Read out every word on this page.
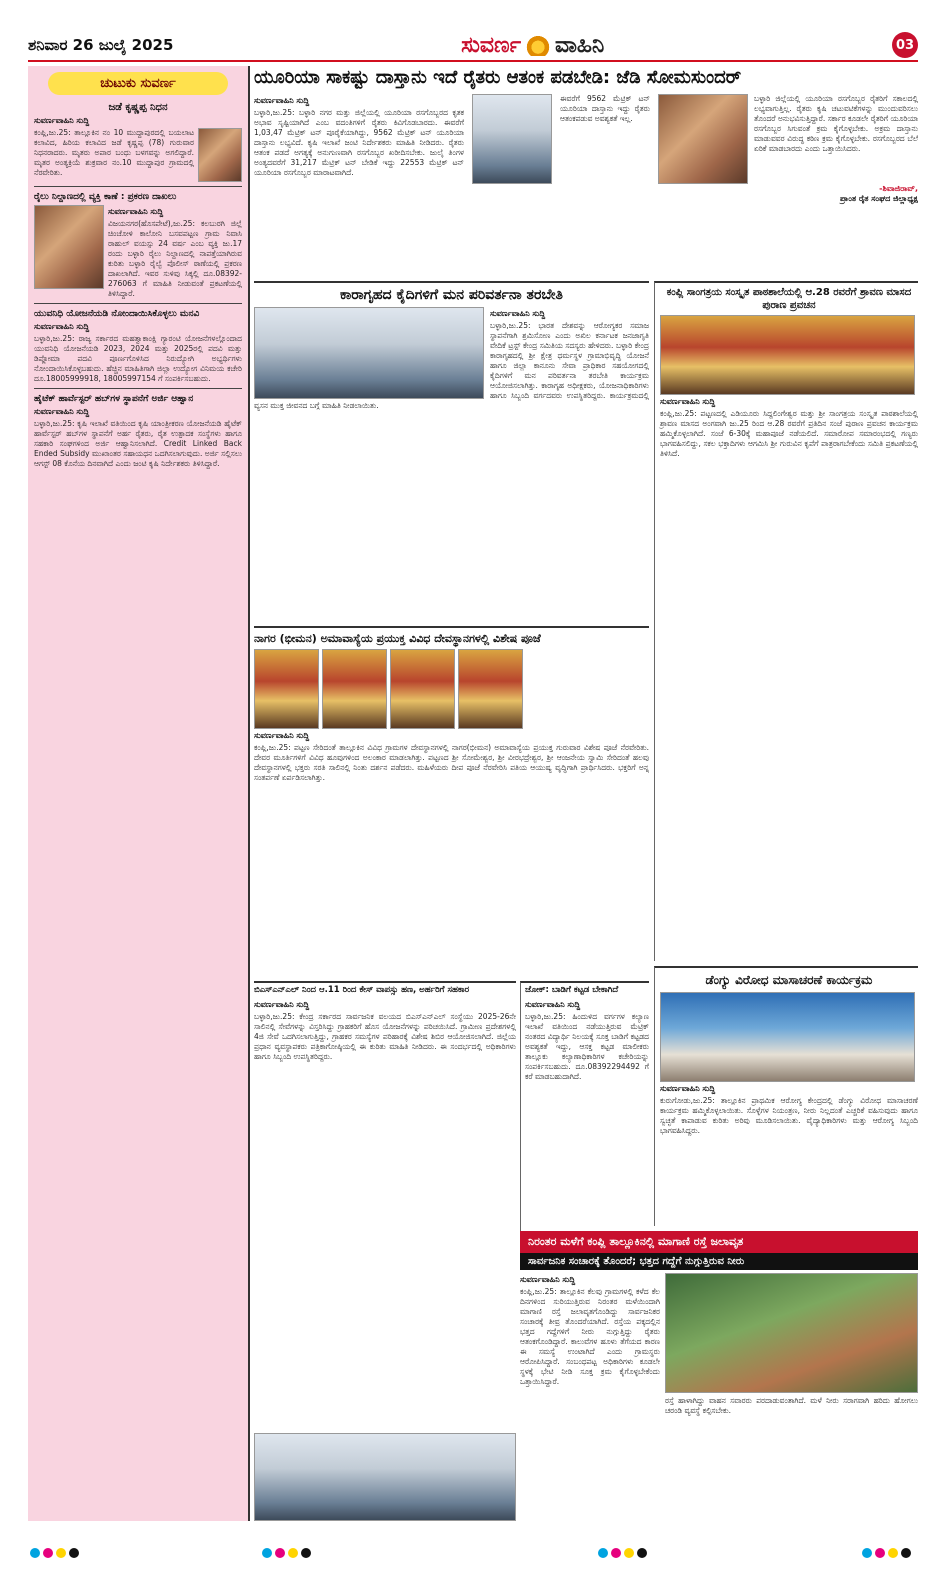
ಶನಿವಾರ 26 ಜುಲೈ 2025	ಸುವರ್ಣ ವಾಹಿನಿ	03
ಚುಟುಕು ಸುವರ್ಣ
ಜಡೆ ಕೃಷ್ಣಪ್ಪ ನಿಧನ
ಸುವರ್ಣವಾಹಿನಿ ಸುದ್ದಿ
ಕಂಪ್ಲಿ,ಜು.25: ತಾಲ್ಲೂಕಿನ ನಂ 10 ಮುದ್ದಾಪುರದಲ್ಲಿ ಬಯಲಾಟ ಕಲಾವಿದ, ಹಿರಿಯ ಕಲಾವಿದ ಜಡೆ ಕೃಷ್ಣಪ್ಪ (78) ಗುರುವಾರ ನಿಧನರಾದರು. ಮೃತರು ಅಪಾರ ಬಂಧು ಬಳಗವನ್ನು ಅಗಲಿದ್ದಾರೆ. ಮೃತರ ಅಂತ್ಯಕ್ರಿಯೆ ಶುಕ್ರವಾರ ನಂ.10 ಮುದ್ದಾಪುರ ಗ್ರಾಮದಲ್ಲಿ ನೆರವೇರಿತು.
ರೈಲು ನಿಲ್ದಾಣದಲ್ಲಿ ವ್ಯಕ್ತಿ ಕಾಣೆ : ಪ್ರಕರಣ ದಾಖಲು
ಸುವರ್ಣವಾಹಿನಿ ಸುದ್ದಿ
ವಿಜಯನಗರ(ಹೊಸಪೇಟೆ),ಜು.25: ಕಲಬುರಗಿ ಜಿಲ್ಲೆ ಚಿಂಚೋಳಿ ಕಾಲೋನಿ ಬಸವಪಟ್ಟಣ ಗ್ರಾಮ ನಿವಾಸಿ ರಾಹುಲ್ ವಯಸ್ಸು 24 ವರ್ಷ ಎಂಬ ವ್ಯಕ್ತಿ ಜು.17 ರಂದು ಬಳ್ಳಾರಿ ರೈಲು ನಿಲ್ದಾಣದಲ್ಲಿ ನಾಪತ್ತೆಯಾಗಿರುವ ಕುರಿತು ಬಳ್ಳಾರಿ ರೈಲ್ವೆ ಪೊಲೀಸ್ ಠಾಣೆಯಲ್ಲಿ ಪ್ರಕರಣ ದಾಖಲಾಗಿದೆ. ಇವರ ಸುಳಿವು ಸಿಕ್ಕಲ್ಲಿ ದೂ.08392-276063 ಗೆ ಮಾಹಿತಿ ನೀಡುವಂತೆ ಪ್ರಕಟಣೆಯಲ್ಲಿ ತಿಳಿಸಿದ್ದಾರೆ.
ಯುವನಿಧಿ ಯೋಜನೆಯಡಿ ನೋಂದಾಯಿಸಿಕೊಳ್ಳಲು ಮನವಿ
ಸುವರ್ಣವಾಹಿನಿ ಸುದ್ದಿ
ಬಳ್ಳಾರಿ,ಜು.25: ರಾಜ್ಯ ಸರ್ಕಾರದ ಮಹತ್ವಾಕಾಂಕ್ಷಿ ಗ್ಯಾರಂಟಿ ಯೋಜನೆಗಳಲ್ಲೊಂದಾದ ಯುವನಿಧಿ ಯೋಜನೆಯಡಿ 2023, 2024 ಮತ್ತು 2025ರಲ್ಲಿ ಪದವಿ ಮತ್ತು ಡಿಪ್ಲೋಮಾ ಪದವಿ ಪೂರ್ಣಗೊಳಿಸಿದ ನಿರುದ್ಯೋಗಿ ಅಭ್ಯರ್ಥಿಗಳು ನೋಂದಾಯಿಸಿಕೊಳ್ಳಬಹುದು. ಹೆಚ್ಚಿನ ಮಾಹಿತಿಗಾಗಿ ಜಿಲ್ಲಾ ಉದ್ಯೋಗ ವಿನಿಮಯ ಕಚೇರಿ ದೂ.18005999918, 18005997154 ಗೆ ಸಂಪರ್ಕಿಸಬಹುದು.
ಹೈಟೆಕ್ ಹಾರ್ವೆಸ್ಟರ್ ಹಬ್‌ಗಳ ಸ್ಥಾಪನೆಗೆ ಅರ್ಜಿ ಆಹ್ವಾನ
ಸುವರ್ಣವಾಹಿನಿ ಸುದ್ದಿ
ಬಳ್ಳಾರಿ,ಜು.25: ಕೃಷಿ ಇಲಾಖೆ ವತಿಯಿಂದ ಕೃಷಿ ಯಾಂತ್ರೀಕರಣ ಯೋಜನೆಯಡಿ ಹೈಟೆಕ್ ಹಾರ್ವೆಸ್ಟರ್ ಹಬ್‌ಗಳ ಸ್ಥಾಪನೆಗೆ ಅರ್ಹ ರೈತರು, ರೈತ ಉತ್ಪಾದಕ ಸಂಸ್ಥೆಗಳು ಹಾಗೂ ಸಹಕಾರಿ ಸಂಘಗಳಿಂದ ಅರ್ಜಿ ಆಹ್ವಾನಿಸಲಾಗಿದೆ. Credit Linked Back Ended Subsidy ಮುಖಾಂತರ ಸಹಾಯಧನ ಒದಗಿಸಲಾಗುವುದು. ಅರ್ಜಿ ಸಲ್ಲಿಸಲು ಆಗಸ್ಟ್ 08 ಕೊನೆಯ ದಿನವಾಗಿದೆ ಎಂದು ಜಂಟಿ ಕೃಷಿ ನಿರ್ದೇಶಕರು ತಿಳಿಸಿದ್ದಾರೆ.
ಯೂರಿಯಾ ಸಾಕಷ್ಟು ದಾಸ್ತಾನು ಇದೆ ರೈತರು ಆತಂಕ ಪಡಬೇಡಿ: ಜೆಡಿ ಸೋಮಸುಂದರ್
ಸುವರ್ಣವಾಹಿನಿ ಸುದ್ದಿ
ಬಳ್ಳಾರಿ,ಜು.25: ಬಳ್ಳಾರಿ ನಗರ ಮತ್ತು ಜಿಲ್ಲೆಯಲ್ಲಿ ಯೂರಿಯಾ ರಸಗೊಬ್ಬರದ ಕೃತಕ ಅಭಾವ ಸೃಷ್ಟಿಯಾಗಿದೆ ಎಂಬ ವದಂತಿಗಳಿಗೆ ರೈತರು ಕಿವಿಗೊಡಬಾರದು. ಈವರೆಗೆ 1,03,47 ಮೆಟ್ರಿಕ್ ಟನ್ ಪೂರೈಕೆಯಾಗಿದ್ದು, 9562 ಮೆಟ್ರಿಕ್ ಟನ್ ಯೂರಿಯಾ ದಾಸ್ತಾನು ಲಭ್ಯವಿದೆ. ಕೃಷಿ ಇಲಾಖೆ ಜಂಟಿ ನಿರ್ದೇಶಕರು ಮಾಹಿತಿ ನೀಡಿದರು. ರೈತರು ಆತಂಕ ಪಡದೆ ಅಗತ್ಯಕ್ಕೆ ಅನುಗುಣವಾಗಿ ರಸಗೊಬ್ಬರ ಖರೀದಿಸಬೇಕು. ಜುಲೈ ತಿಂಗಳ ಅಂತ್ಯದವರೆಗೆ 31,217 ಮೆಟ್ರಿಕ್ ಟನ್ ಬೇಡಿಕೆ ಇದ್ದು 22553 ಮೆಟ್ರಿಕ್ ಟನ್ ಯೂರಿಯಾ ರಸಗೊಬ್ಬರ ಮಾರಾಟವಾಗಿದೆ.
ಈವರೆಗೆ 9562 ಮೆಟ್ರಿಕ್ ಟನ್ ಯೂರಿಯಾ ದಾಸ್ತಾನು ಇದ್ದು ರೈತರು ಆತಂಕಪಡುವ ಅವಶ್ಯಕತೆ ಇಲ್ಲ.
ಬಳ್ಳಾರಿ ಜಿಲ್ಲೆಯಲ್ಲಿ ಯೂರಿಯಾ ರಸಗೊಬ್ಬರ ರೈತರಿಗೆ ಸಕಾಲದಲ್ಲಿ ಲಭ್ಯವಾಗುತ್ತಿಲ್ಲ. ರೈತರು ಕೃಷಿ ಚಟುವಟಿಕೆಗಳನ್ನು ಮುಂದುವರಿಸಲು ತೊಂದರೆ ಅನುಭವಿಸುತ್ತಿದ್ದಾರೆ. ಸರ್ಕಾರ ಕೂಡಲೇ ರೈತರಿಗೆ ಯೂರಿಯಾ ರಸಗೊಬ್ಬರ ಸಿಗುವಂತೆ ಕ್ರಮ ಕೈಗೊಳ್ಳಬೇಕು. ಅಕ್ರಮ ದಾಸ್ತಾನು ಮಾಡುವವರ ವಿರುದ್ಧ ಕಠಿಣ ಕ್ರಮ ಕೈಗೊಳ್ಳಬೇಕು. ರಸಗೊಬ್ಬರದ ಬೆಲೆ ಏರಿಕೆ ಮಾಡಬಾರದು ಎಂದು ಒತ್ತಾಯಿಸಿದರು.
-ಶಿವಾಜಿರಾವ್,
ಪ್ರಾಂತ ರೈತ ಸಂಘದ ಜಿಲ್ಲಾಧ್ಯಕ್ಷ
ಕಾರಾಗೃಹದ ಕೈದಿಗಳಿಗೆ ಮನ ಪರಿವರ್ತನಾ ತರಬೇತಿ
ಸುವರ್ಣವಾಹಿನಿ ಸುದ್ದಿ
ಬಳ್ಳಾರಿ,ಜು.25: ಭಾರತ ದೇಶವನ್ನು ಆರೋಗ್ಯಕರ ಸಮಾಜ ಸ್ಥಾಪನೆಗಾಗಿ ಶ್ರಮಿಸೋಣ ಎಂದು ಅಖಿಲ ಕರ್ನಾಟಕ ಜನಜಾಗೃತಿ ವೇದಿಕೆ ಟ್ರಸ್ಟ್ ಕೇಂದ್ರ ಸಮಿತಿಯ ಸದಸ್ಯರು ಹೇಳಿದರು. ಬಳ್ಳಾರಿ ಕೇಂದ್ರ ಕಾರಾಗೃಹದಲ್ಲಿ ಶ್ರೀ ಕ್ಷೇತ್ರ ಧರ್ಮಸ್ಥಳ ಗ್ರಾಮಾಭಿವೃದ್ಧಿ ಯೋಜನೆ ಹಾಗೂ ಜಿಲ್ಲಾ ಕಾನೂನು ಸೇವಾ ಪ್ರಾಧಿಕಾರ ಸಹಯೋಗದಲ್ಲಿ ಕೈದಿಗಳಿಗೆ ಮನ ಪರಿವರ್ತನಾ ತರಬೇತಿ ಕಾರ್ಯಕ್ರಮ ಆಯೋಜಿಸಲಾಗಿತ್ತು. ಕಾರಾಗೃಹ ಅಧೀಕ್ಷಕರು, ಯೋಜನಾಧಿಕಾರಿಗಳು ಹಾಗೂ ಸಿಬ್ಬಂದಿ ವರ್ಗದವರು ಉಪಸ್ಥಿತರಿದ್ದರು. ಕಾರ್ಯಕ್ರಮದಲ್ಲಿ ವ್ಯಸನ ಮುಕ್ತ ಜೀವನದ ಬಗ್ಗೆ ಮಾಹಿತಿ ನೀಡಲಾಯಿತು.
ಕಂಪ್ಲಿ ಸಾಂಗತ್ರಯ ಸಂಸ್ಕೃತ ಪಾಠಶಾಲೆಯಲ್ಲಿ ಆ.28 ರವರೆಗೆ ಶ್ರಾವಣ ಮಾಸದ ಪುರಾಣ ಪ್ರವಚನ
ಸುವರ್ಣವಾಹಿನಿ ಸುದ್ದಿ
ಕಂಪ್ಲಿ,ಜು.25: ಪಟ್ಟಣದಲ್ಲಿ ಎಡಿಯೂರು ಸಿದ್ದಲಿಂಗೇಶ್ವರ ಮತ್ತು ಶ್ರೀ ಸಾಂಗತ್ರಯ ಸಂಸ್ಕೃತ ಪಾಠಶಾಲೆಯಲ್ಲಿ ಶ್ರಾವಣ ಮಾಸದ ಅಂಗವಾಗಿ ಜು.25 ರಿಂದ ಆ.28 ರವರೆಗೆ ಪ್ರತಿದಿನ ಸಂಜೆ ಪುರಾಣ ಪ್ರವಚನ ಕಾರ್ಯಕ್ರಮ ಹಮ್ಮಿಕೊಳ್ಳಲಾಗಿದೆ. ಸಂಜೆ 6-30ಕ್ಕೆ ಮಹಾಪೂಜೆ ನಡೆಯಲಿದೆ. ಸಮಾರೋಪ ಸಮಾರಂಭದಲ್ಲಿ ಗಣ್ಯರು ಭಾಗವಹಿಸಲಿದ್ದು, ಸಕಲ ಭಕ್ತಾದಿಗಳು ಆಗಮಿಸಿ ಶ್ರೀ ಗುರುವಿನ ಕೃಪೆಗೆ ಪಾತ್ರರಾಗಬೇಕೆಂದು ಸಮಿತಿ ಪ್ರಕಟಣೆಯಲ್ಲಿ ತಿಳಿಸಿದೆ.
ನಾಗರ (ಭೀಮನ) ಅಮಾವಾಸ್ಯೆಯ ಪ್ರಯುಕ್ತ ವಿವಿಧ ದೇವಸ್ಥಾನಗಳಲ್ಲಿ ವಿಶೇಷ ಪೂಜೆ
ಸುವರ್ಣವಾಹಿನಿ ಸುದ್ದಿ
ಕಂಪ್ಲಿ,ಜು.25: ಪಟ್ಟಣ ಸೇರಿದಂತೆ ತಾಲ್ಲೂಕಿನ ವಿವಿಧ ಗ್ರಾಮಗಳ ದೇವಸ್ಥಾನಗಳಲ್ಲಿ ನಾಗರ(ಭೀಮನ) ಅಮಾವಾಸ್ಯೆಯ ಪ್ರಯುಕ್ತ ಗುರುವಾರ ವಿಶೇಷ ಪೂಜೆ ನೆರವೇರಿತು. ದೇವರ ಮೂರ್ತಿಗಳಿಗೆ ವಿವಿಧ ಹೂವುಗಳಿಂದ ಅಲಂಕಾರ ಮಾಡಲಾಗಿತ್ತು. ಪಟ್ಟಣದ ಶ್ರೀ ಸೋಮೇಶ್ವರ, ಶ್ರೀ ವೀರಭದ್ರೇಶ್ವರ, ಶ್ರೀ ಆಂಜನೇಯ ಸ್ವಾಮಿ ಸೇರಿದಂತೆ ಹಲವು ದೇವಸ್ಥಾನಗಳಲ್ಲಿ ಭಕ್ತರು ಸರತಿ ಸಾಲಿನಲ್ಲಿ ನಿಂತು ದರ್ಶನ ಪಡೆದರು. ಮಹಿಳೆಯರು ದೀಪ ಪೂಜೆ ನೆರವೇರಿಸಿ ಪತಿಯ ಆಯುಷ್ಯ ವೃದ್ಧಿಗಾಗಿ ಪ್ರಾರ್ಥಿಸಿದರು. ಭಕ್ತರಿಗೆ ಅನ್ನ ಸಂತರ್ಪಣೆ ಏರ್ಪಡಿಸಲಾಗಿತ್ತು.
ಡೆಂಗ್ಯು ವಿರೋಧ ಮಾಸಾಚರಣೆ ಕಾರ್ಯಕ್ರಮ
ಸುವರ್ಣವಾಹಿನಿ ಸುದ್ದಿ
ಕುರುಗೋಡು,ಜು.25: ತಾಲ್ಲೂಕಿನ ಪ್ರಾಥಮಿಕ ಆರೋಗ್ಯ ಕೇಂದ್ರದಲ್ಲಿ ಡೆಂಗ್ಯು ವಿರೋಧ ಮಾಸಾಚರಣೆ ಕಾರ್ಯಕ್ರಮ ಹಮ್ಮಿಕೊಳ್ಳಲಾಯಿತು. ಸೊಳ್ಳೆಗಳ ನಿಯಂತ್ರಣ, ನೀರು ನಿಲ್ಲದಂತೆ ಎಚ್ಚರಿಕೆ ವಹಿಸುವುದು ಹಾಗೂ ಸ್ವಚ್ಛತೆ ಕಾಪಾಡುವ ಕುರಿತು ಅರಿವು ಮೂಡಿಸಲಾಯಿತು. ವೈದ್ಯಾಧಿಕಾರಿಗಳು ಮತ್ತು ಆರೋಗ್ಯ ಸಿಬ್ಬಂದಿ ಭಾಗವಹಿಸಿದ್ದರು.
ಬಿಎಸ್‌ಎನ್‌ಎಲ್ ನಿಂದ ಆ.11 ರಿಂದ ಕೇಸ್ ವಾಪಸ್ಸು ಹಣ, ಅರ್ಹರಿಗೆ ಸಹಕಾರ
ಸುವರ್ಣವಾಹಿನಿ ಸುದ್ದಿ
ಬಳ್ಳಾರಿ,ಜು.25: ಕೇಂದ್ರ ಸರ್ಕಾರದ ಸಾರ್ವಜನಿಕ ವಲಯದ ಬಿಎಸ್‌ಎನ್‌ಎಲ್ ಸಂಸ್ಥೆಯು 2025-26ನೇ ಸಾಲಿನಲ್ಲಿ ಸೇವೆಗಳನ್ನು ವಿಸ್ತರಿಸಿದ್ದು ಗ್ರಾಹಕರಿಗೆ ಹೊಸ ಯೋಜನೆಗಳನ್ನು ಪರಿಚಯಿಸಿದೆ. ಗ್ರಾಮೀಣ ಪ್ರದೇಶಗಳಲ್ಲಿ 4ಜಿ ಸೇವೆ ಒದಗಿಸಲಾಗುತ್ತಿದ್ದು, ಗ್ರಾಹಕರ ಸಮಸ್ಯೆಗಳ ಪರಿಹಾರಕ್ಕೆ ವಿಶೇಷ ಶಿಬಿರ ಆಯೋಜಿಸಲಾಗಿದೆ. ಜಿಲ್ಲೆಯ ಪ್ರಧಾನ ವ್ಯವಸ್ಥಾಪಕರು ಪತ್ರಿಕಾಗೋಷ್ಠಿಯಲ್ಲಿ ಈ ಕುರಿತು ಮಾಹಿತಿ ನೀಡಿದರು. ಈ ಸಂದರ್ಭದಲ್ಲಿ ಅಧಿಕಾರಿಗಳು ಹಾಗೂ ಸಿಬ್ಬಂದಿ ಉಪಸ್ಥಿತರಿದ್ದರು.
ಜೋಕ್: ಬಾಡಿಗೆ ಕಟ್ಟಡ ಬೇಕಾಗಿದೆ
ಸುವರ್ಣವಾಹಿನಿ ಸುದ್ದಿ
ಬಳ್ಳಾರಿ,ಜು.25: ಹಿಂದುಳಿದ ವರ್ಗಗಳ ಕಲ್ಯಾಣ ಇಲಾಖೆ ವತಿಯಿಂದ ನಡೆಯುತ್ತಿರುವ ಮೆಟ್ರಿಕ್ ನಂತರದ ವಿದ್ಯಾರ್ಥಿ ನಿಲಯಕ್ಕೆ ಸೂಕ್ತ ಬಾಡಿಗೆ ಕಟ್ಟಡದ ಅವಶ್ಯಕತೆ ಇದ್ದು, ಆಸಕ್ತ ಕಟ್ಟಡ ಮಾಲೀಕರು ತಾಲ್ಲೂಕು ಕಲ್ಯಾಣಾಧಿಕಾರಿಗಳ ಕಚೇರಿಯನ್ನು ಸಂಪರ್ಕಿಸಬಹುದು. ದೂ.08392294492 ಗೆ ಕರೆ ಮಾಡಬಹುದಾಗಿದೆ.
ನಿರಂತರ ಮಳೆಗೆ ಕಂಪ್ಲಿ ತಾಲ್ಲೂಕಿನಲ್ಲಿ ಮಾಗಾಣಿ ರಸ್ತೆ ಜಲಾವೃತ
ಸಾರ್ವಜನಿಕ ಸಂಚಾರಕ್ಕೆ ತೊಂದರೆ; ಭತ್ತದ ಗದ್ದೆಗೆ ನುಗ್ಗುತ್ತಿರುವ ನೀರು
ಸುವರ್ಣವಾಹಿನಿ ಸುದ್ದಿ
ಕಂಪ್ಲಿ,ಜು.25: ತಾಲ್ಲೂಕಿನ ಕೆಲವು ಗ್ರಾಮಗಳಲ್ಲಿ ಕಳೆದ ಕೆಲ ದಿನಗಳಿಂದ ಸುರಿಯುತ್ತಿರುವ ನಿರಂತರ ಮಳೆಯಿಂದಾಗಿ ಮಾಗಾಣಿ ರಸ್ತೆ ಜಲಾವೃತಗೊಂಡಿದ್ದು ಸಾರ್ವಜನಿಕರ ಸಂಚಾರಕ್ಕೆ ತೀವ್ರ ತೊಂದರೆಯಾಗಿದೆ. ರಸ್ತೆಯ ಪಕ್ಕದಲ್ಲಿನ ಭತ್ತದ ಗದ್ದೆಗಳಿಗೆ ನೀರು ನುಗ್ಗುತ್ತಿದ್ದು ರೈತರು ಆತಂಕಗೊಂಡಿದ್ದಾರೆ. ಕಾಲುವೆಗಳ ಹೂಳು ತೆಗೆಯದ ಕಾರಣ ಈ ಸಮಸ್ಯೆ ಉಂಟಾಗಿದೆ ಎಂದು ಗ್ರಾಮಸ್ಥರು ಆರೋಪಿಸಿದ್ದಾರೆ. ಸಂಬಂಧಪಟ್ಟ ಅಧಿಕಾರಿಗಳು ಕೂಡಲೇ ಸ್ಥಳಕ್ಕೆ ಭೇಟಿ ನೀಡಿ ಸೂಕ್ತ ಕ್ರಮ ಕೈಗೊಳ್ಳಬೇಕೆಂದು ಒತ್ತಾಯಿಸಿದ್ದಾರೆ.
ರಸ್ತೆ ಹಾಳಾಗಿದ್ದು ವಾಹನ ಸವಾರರು ಪರದಾಡುವಂತಾಗಿದೆ. ಮಳೆ ನೀರು ಸರಾಗವಾಗಿ ಹರಿದು ಹೋಗಲು ಚರಂಡಿ ವ್ಯವಸ್ಥೆ ಕಲ್ಪಿಸಬೇಕು.
